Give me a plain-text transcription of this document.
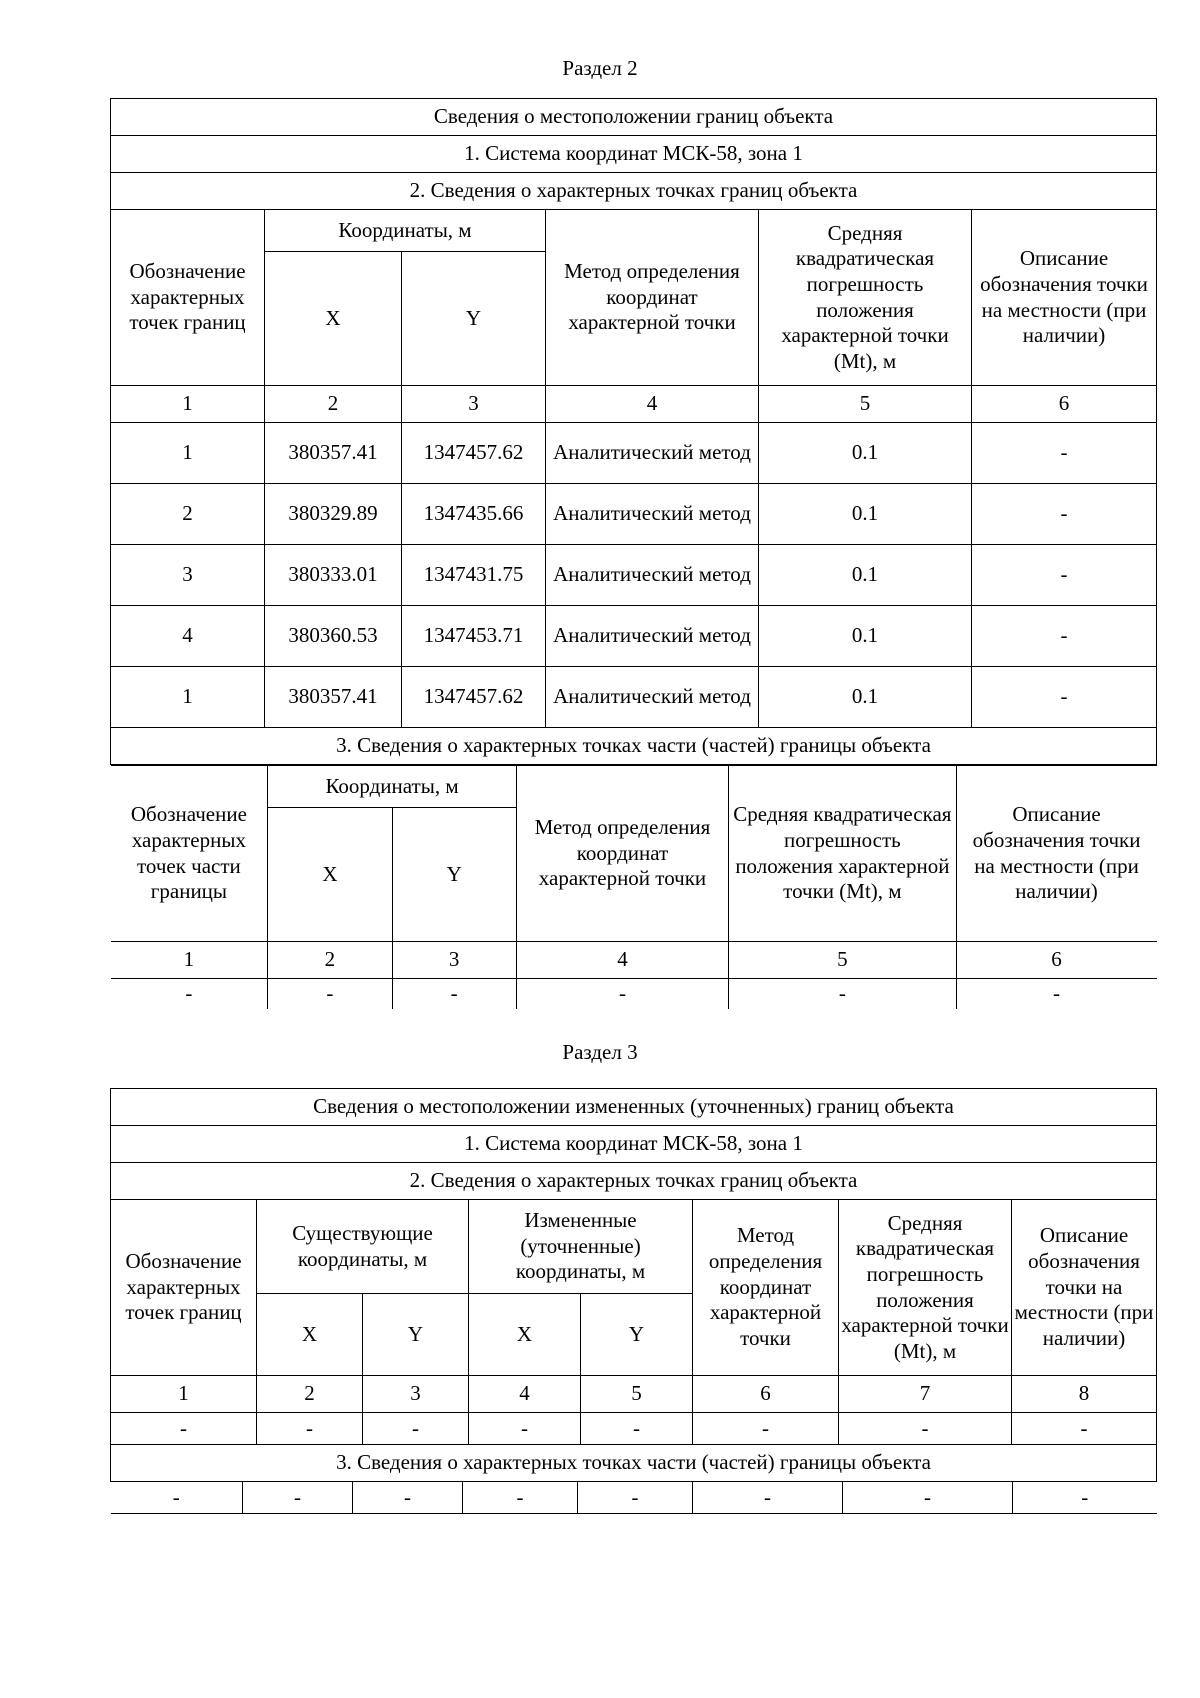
Раздел 2
Сведения о местоположении границ объекта
1. Система координат МСК-58, зона 1
2. Сведения о характерных точках границ объекта
Обозначение характерных точек границ	Координаты, м	Метод определения координат характерной точки	Средняя квадратическая погрешность положения характерной точки (Mt), м	Описание обозначения точки на местности (при наличии)
X	Y
1	2	3	4	5	6
1	380357.41	1347457.62	Аналитический метод	0.1	-
2	380329.89	1347435.66	Аналитический метод	0.1	-
3	380333.01	1347431.75	Аналитический метод	0.1	-
4	380360.53	1347453.71	Аналитический метод	0.1	-
1	380357.41	1347457.62	Аналитический метод	0.1	-
3. Сведения о характерных точках части (частей) границы объекта

Обозначение характерных точек части границы	Координаты, м	Метод определения координат характерной точки	Средняя квадратическая погрешность положения характерной точки (Mt), м	Описание обозначения точки на местности (при наличии)
X	Y
1	2	3	4	5	6
-	-	-	-	-	-
Раздел 3
Сведения о местоположении измененных (уточненных) границ объекта
1. Система координат МСК-58, зона 1
2. Сведения о характерных точках границ объекта
Обозначение характерных точек границ	Существующие координаты, м	Измененные (уточненные) координаты, м	Метод определения координат характерной точки	Средняя квадратическая погрешность положения характерной точки (Mt), м	Описание обозначения точки на местности (при наличии)
X	Y	X	Y
1	2	3	4	5	6	7	8
-	-	-	-	-	-	-	-
3. Сведения о характерных точках части (частей) границы объекта

-	-	-	-	-	-	-	-
